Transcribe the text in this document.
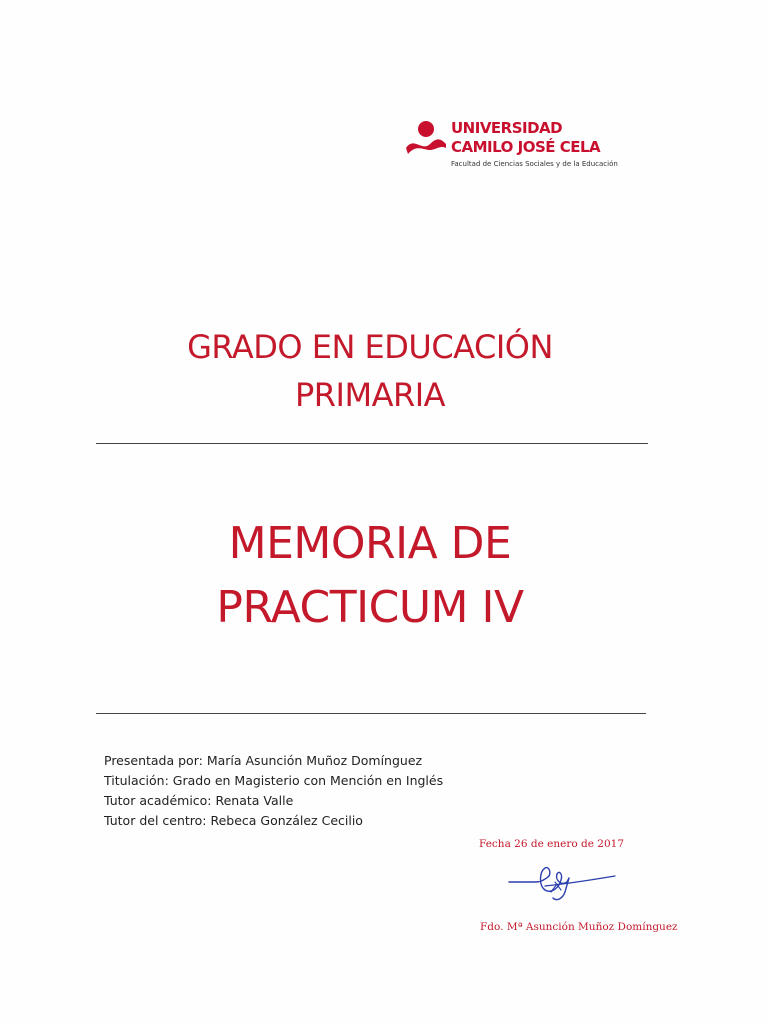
UNIVERSIDAD
CAMILO JOSÉ CELA
Facultad de Ciencias Sociales y de la Educación
GRADO EN EDUCACIÓN
PRIMARIA
MEMORIA DE
PRACTICUM IV
Presentada por: María Asunción Muñoz Domínguez
Titulación: Grado en Magisterio con Mención en Inglés
Tutor académico: Renata Valle
Tutor del centro: Rebeca González Cecilio
Fecha 26 de enero de 2017
Fdo. Mª Asunción Muñoz Domínguez
